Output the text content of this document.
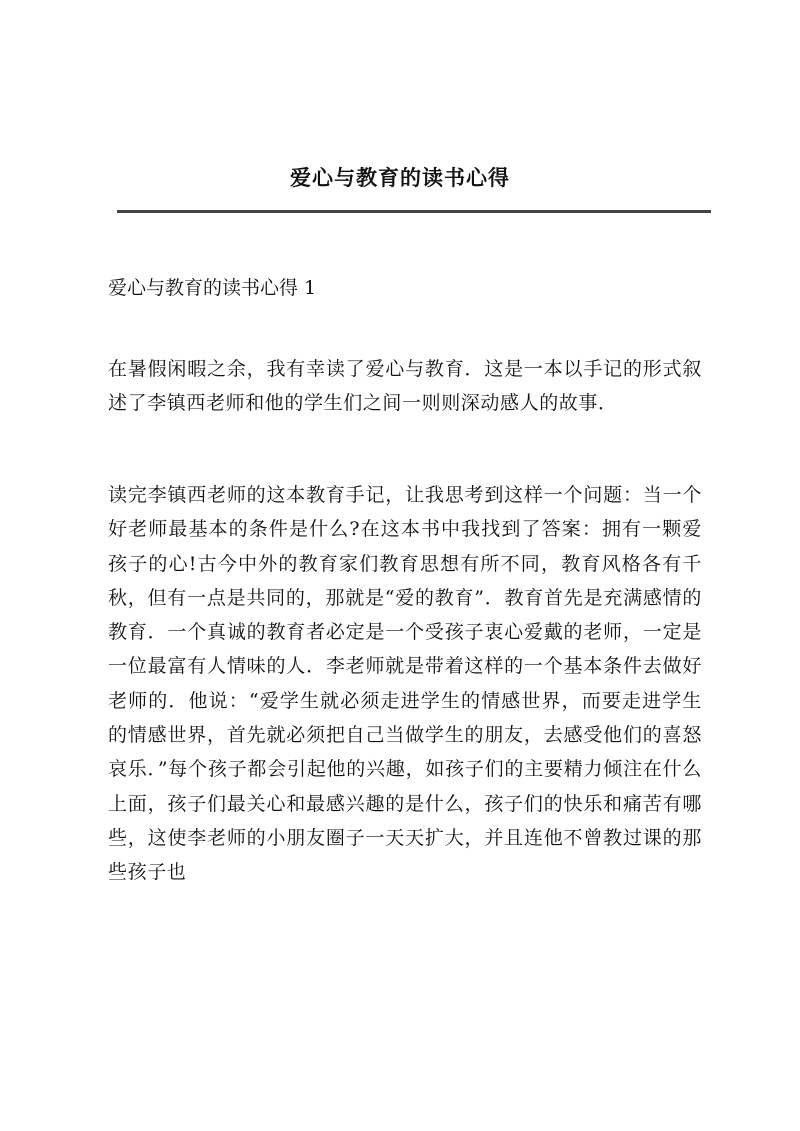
爱心与教育的读书心得
爱心与教育的读书心得 1

在暑假闲暇之余，我有幸读了爱心与教育．这是一本以手记的形式叙述了李镇西老师和他的学生们之间一则则深动感人的故事．

读完李镇西老师的这本教育手记，让我思考到这样一个问题：当一个好老师最基本的条件是什么?在这本书中我找到了答案：拥有一颗爱孩子的心!古今中外的教育家们教育思想有所不同，教育风格各有千秋，但有一点是共同的，那就是“爱的教育”．教育首先是充满感情的教育．一个真诚的教育者必定是一个受孩子衷心爱戴的老师，一定是一位最富有人情味的人．李老师就是带着这样的一个基本条件去做好老师的．他说：“爱学生就必须走进学生的情感世界，而要走进学生的情感世界，首先就必须把自己当做学生的朋友，去感受他们的喜怒哀乐．”每个孩子都会引起他的兴趣，如孩子们的主要精力倾注在什么上面，孩子们最关心和最感兴趣的是什么，孩子们的快乐和痛苦有哪些，这使李老师的小朋友圈子一天天扩大，并且连他不曾教过课的那些孩子也
